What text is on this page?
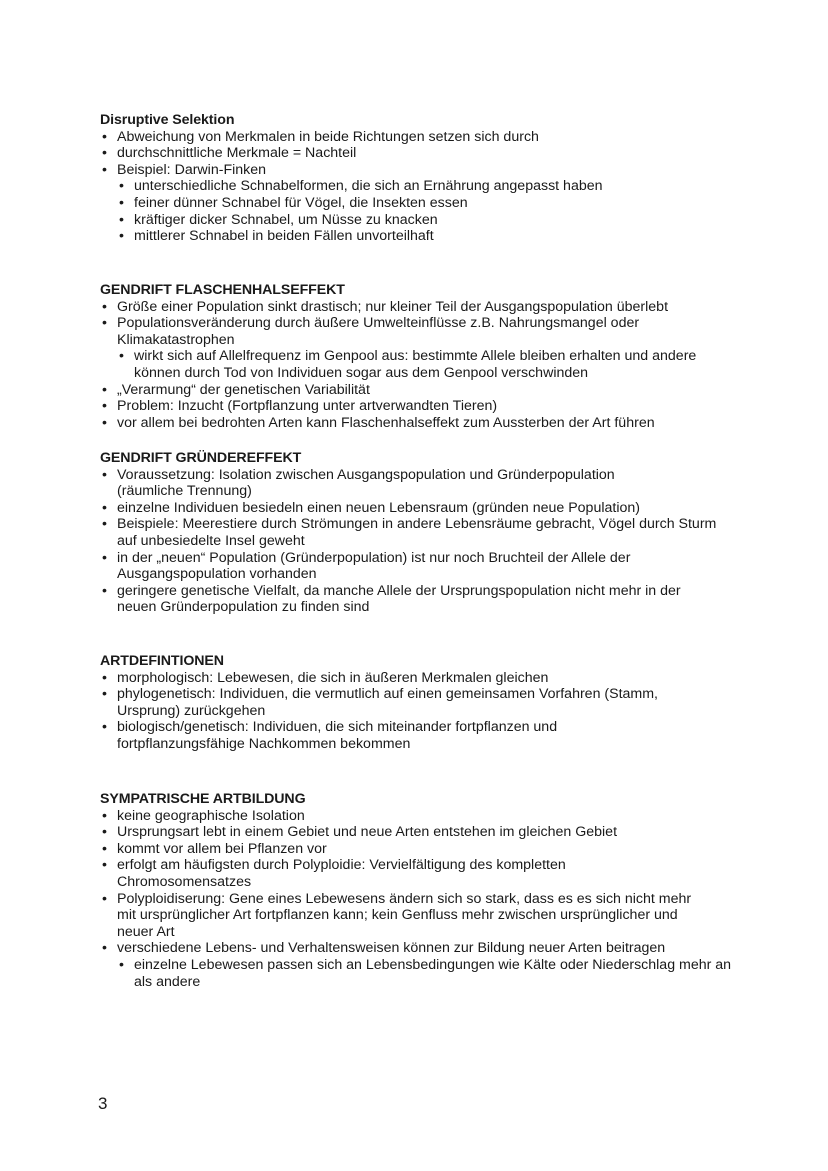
Disruptive Selektion
• Abweichung von Merkmalen in beide Richtungen setzen sich durch
• durchschnittliche Merkmale = Nachteil
• Beispiel: Darwin-Finken
• unterschiedliche Schnabelformen, die sich an Ernährung angepasst haben
• feiner dünner Schnabel für Vögel, die Insekten essen
• kräftiger dicker Schnabel, um Nüsse zu knacken
• mittlerer Schnabel in beiden Fällen unvorteilhaft
GENDRIFT FLASCHENHALSEFFEKT
• Größe einer Population sinkt drastisch; nur kleiner Teil der Ausgangspopulation überlebt
• Populationsveränderung durch äußere Umwelteinflüsse z.B. Nahrungsmangel oder Klimakatastrophen
• wirkt sich auf Allelfrequenz im Genpool aus: bestimmte Allele bleiben erhalten und andere können durch Tod von Individuen sogar aus dem Genpool verschwinden
• „Verarmung“ der genetischen Variabilität
• Problem: Inzucht (Fortpflanzung unter artverwandten Tieren)
• vor allem bei bedrohten Arten kann Flaschenhalseffekt zum Aussterben der Art führen
GENDRIFT GRÜNDEREFFEKT
• Voraussetzung: Isolation zwischen Ausgangspopulation und Gründerpopulation (räumliche Trennung)
• einzelne Individuen besiedeln einen neuen Lebensraum (gründen neue Population)
• Beispiele: Meerestiere durch Strömungen in andere Lebensräume gebracht, Vögel durch Sturm auf unbesiedelte Insel geweht
• in der „neuen“ Population (Gründerpopulation) ist nur noch Bruchteil der Allele der Ausgangspopulation vorhanden
• geringere genetische Vielfalt, da manche Allele der Ursprungspopulation nicht mehr in der neuen Gründerpopulation zu finden sind
ARTDEFINTIONEN
• morphologisch: Lebewesen, die sich in äußeren Merkmalen gleichen
• phylogenetisch: Individuen, die vermutlich auf einen gemeinsamen Vorfahren (Stamm, Ursprung) zurückgehen
• biologisch/genetisch: Individuen, die sich miteinander fortpflanzen und fortpflanzungsfähige Nachkommen bekommen
SYMPATRISCHE ARTBILDUNG
• keine geographische Isolation
• Ursprungsart lebt in einem Gebiet und neue Arten entstehen im gleichen Gebiet
• kommt vor allem bei Pflanzen vor
• erfolgt am häufigsten durch Polyploidie: Vervielfältigung des kompletten Chromosomensatzes
• Polyploidiserung: Gene eines Lebewesens ändern sich so stark, dass es es sich nicht mehr mit ursprünglicher Art fortpflanzen kann; kein Genfluss mehr zwischen ursprünglicher und neuer Art
• verschiedene Lebens- und Verhaltensweisen können zur Bildung neuer Arten beitragen
• einzelne Lebewesen passen sich an Lebensbedingungen wie Kälte oder Niederschlag mehr an als andere
3
